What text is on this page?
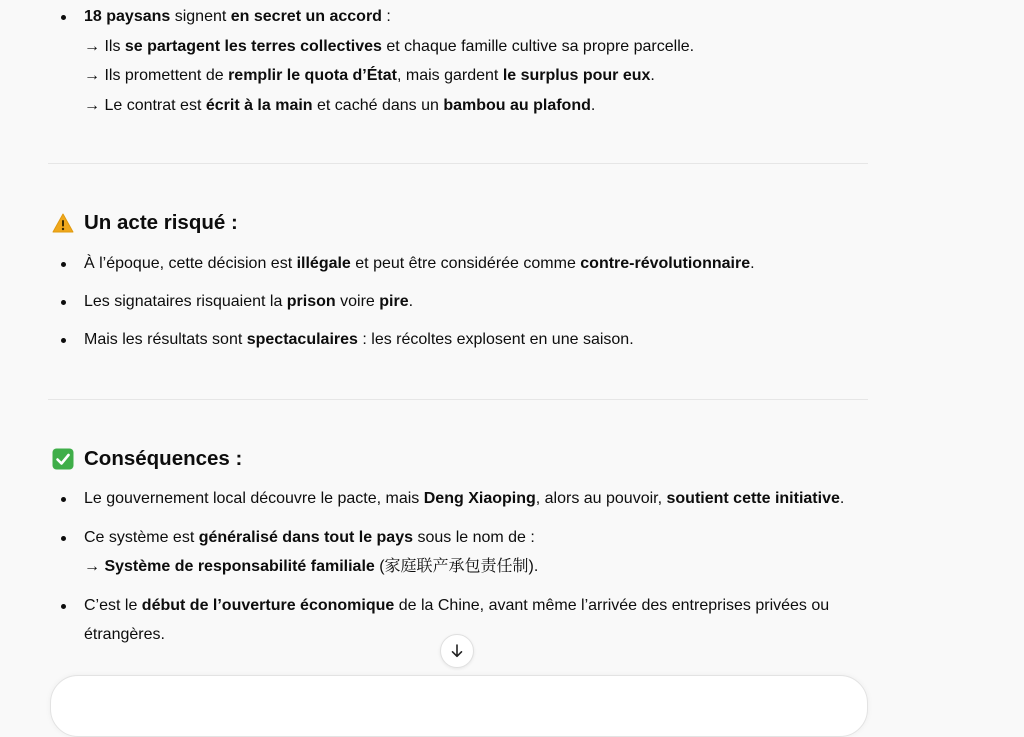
18 paysans signent en secret un accord :
→ Ils se partagent les terres collectives et chaque famille cultive sa propre parcelle.
→ Ils promettent de remplir le quota d’État, mais gardent le surplus pour eux.
→ Le contrat est écrit à la main et caché dans un bambou au plafond.
Un acte risqué :
À l’époque, cette décision est illégale et peut être considérée comme contre-révolutionnaire.
Les signataires risquaient la prison voire pire.
Mais les résultats sont spectaculaires : les récoltes explosent en une saison.
Conséquences :
Le gouvernement local découvre le pacte, mais Deng Xiaoping, alors au pouvoir, soutient cette initiative.
Ce système est généralisé dans tout le pays sous le nom de :
→ Système de responsabilité familiale (家庭联产承包责任制).
C’est le début de l’ouverture économique de la Chine, avant même l’arrivée des entreprises privées ou étrangères.
